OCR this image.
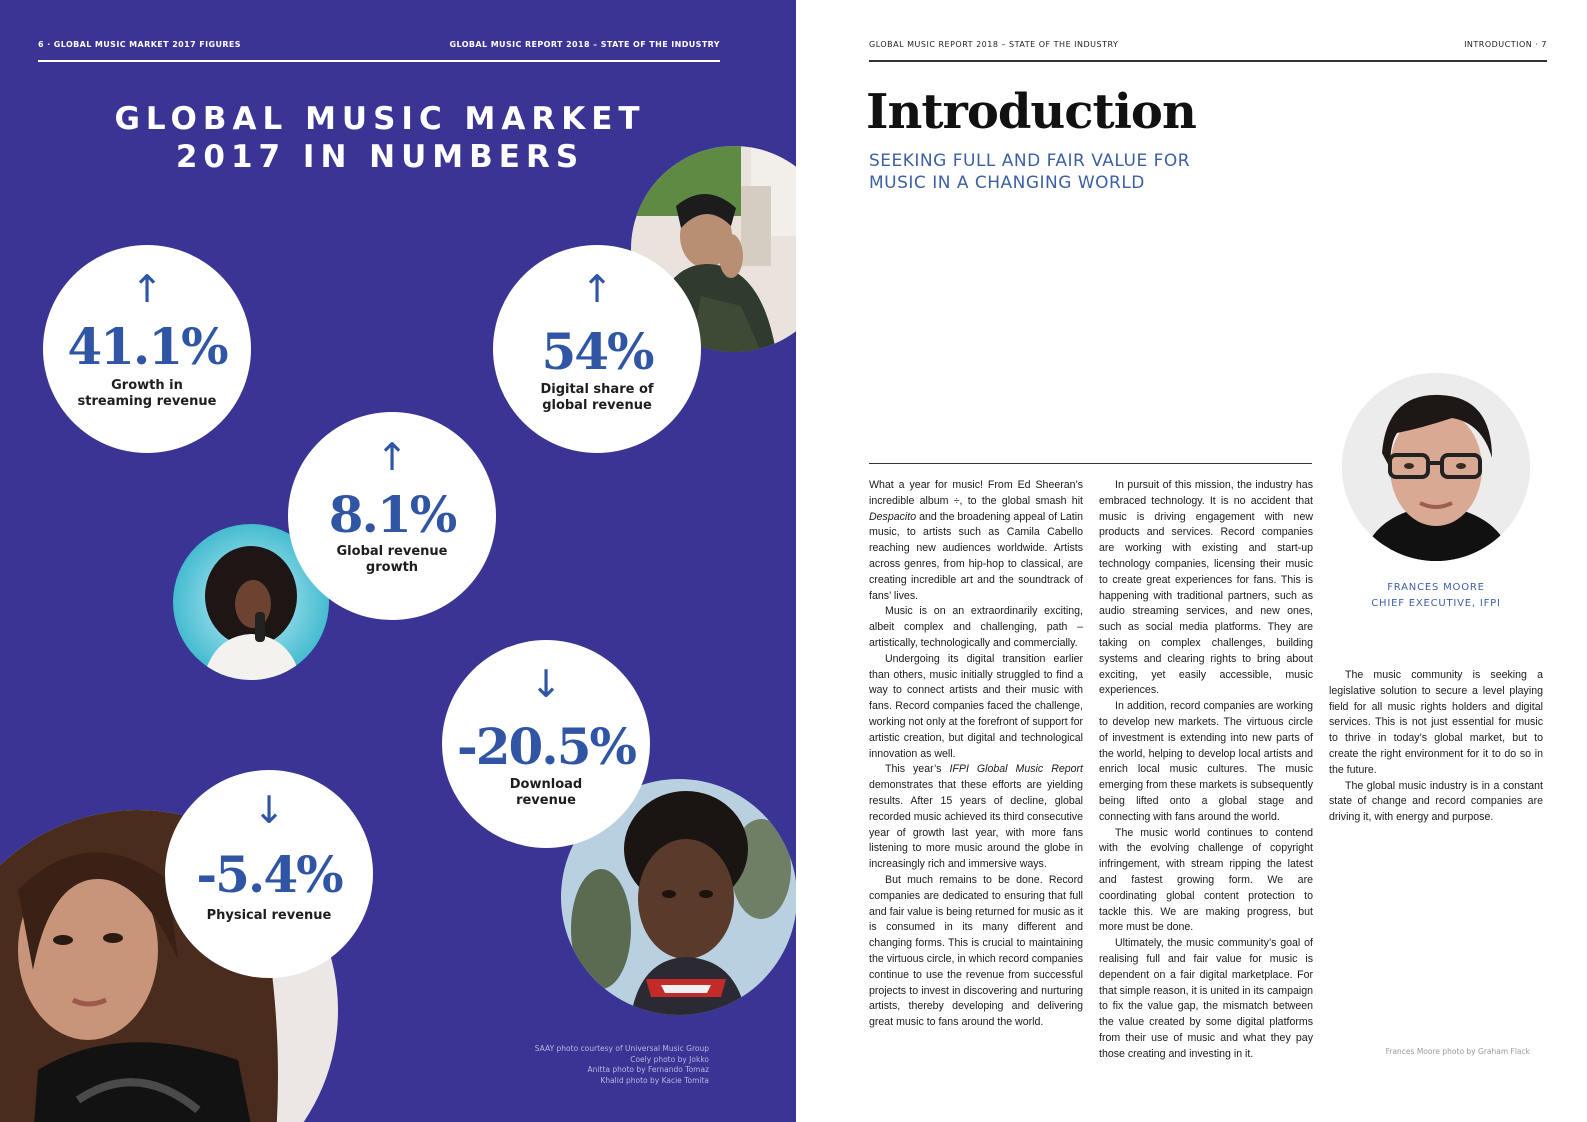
6 · GLOBAL MUSIC MARKET 2017 FIGURES	GLOBAL MUSIC REPORT 2018 – STATE OF THE INDUSTRY
GLOBAL MUSIC MARKET
2017 IN NUMBERS
↑
41.1%
Growth in
streaming revenue
↑
54%
Digital share of
global revenue
↑
8.1%
Global revenue
growth
↓
-20.5%
Download
revenue
↓
-5.4%
Physical revenue
SAAY photo courtesy of Universal Music Group
Coely photo by Jokko
Anitta photo by Fernando Tomaz
Khalid photo by Kacie Tomita
GLOBAL MUSIC REPORT 2018 – STATE OF THE INDUSTRY	INTRODUCTION · 7
Introduction
SEEKING FULL AND FAIR VALUE FOR
MUSIC IN A CHANGING WORLD
FRANCES MOORE
CHIEF EXECUTIVE, IFPI

What a year for music! From Ed Sheeran’s incredible album ÷, to the global smash hit Despacito and the broadening appeal of Latin music, to artists such as Camila Cabello reaching new audiences worldwide. Artists across genres, from hip-hop to classical, are creating incredible art and the soundtrack of fans’ lives.

Music is on an extraordinarily exciting, albeit complex and challenging, path – artistically, technologically and commercially.

Undergoing its digital transition earlier than others, music initially struggled to find a way to connect artists and their music with fans. Record companies faced the challenge, working not only at the forefront of support for artistic creation, but digital and technological innovation as well.

This year’s IFPI Global Music Report demonstrates that these efforts are yielding results. After 15 years of decline, global recorded music achieved its third consecutive year of growth last year, with more fans listening to more music around the globe in increasingly rich and immersive ways.

But much remains to be done. Record companies are dedicated to ensuring that full and fair value is being returned for music as it is consumed in its many different and changing forms. This is crucial to maintaining the virtuous circle, in which record companies continue to use the revenue from successful projects to invest in discovering and nurturing artists, thereby developing and delivering great music to fans around the world.

In pursuit of this mission, the industry has embraced technology. It is no accident that music is driving engagement with new products and services. Record companies are working with existing and start-up technology companies, licensing their music to create great experiences for fans. This is happening with traditional partners, such as audio streaming services, and new ones, such as social media platforms. They are taking on complex challenges, building systems and clearing rights to bring about exciting, yet easily accessible, music experiences.

In addition, record companies are working to develop new markets. The virtuous circle of investment is extending into new parts of the world, helping to develop local artists and enrich local music cultures. The music emerging from these markets is subsequently being lifted onto a global stage and connecting with fans around the world.

The music world continues to contend with the evolving challenge of copyright infringement, with stream ripping the latest and fastest growing form. We are coordinating global content protection to tackle this. We are making progress, but more must be done.

Ultimately, the music community’s goal of realising full and fair value for music is dependent on a fair digital marketplace. For that simple reason, it is united in its campaign to fix the value gap, the mismatch between the value created by some digital platforms from their use of music and what they pay those creating and investing in it.

The music community is seeking a legislative solution to secure a level playing field for all music rights holders and digital services. This is not just essential for music to thrive in today’s global market, but to create the right environment for it to do so in the future.

The global music industry is in a constant state of change and record companies are driving it, with energy and purpose.

Frances Moore photo by Graham Flack
